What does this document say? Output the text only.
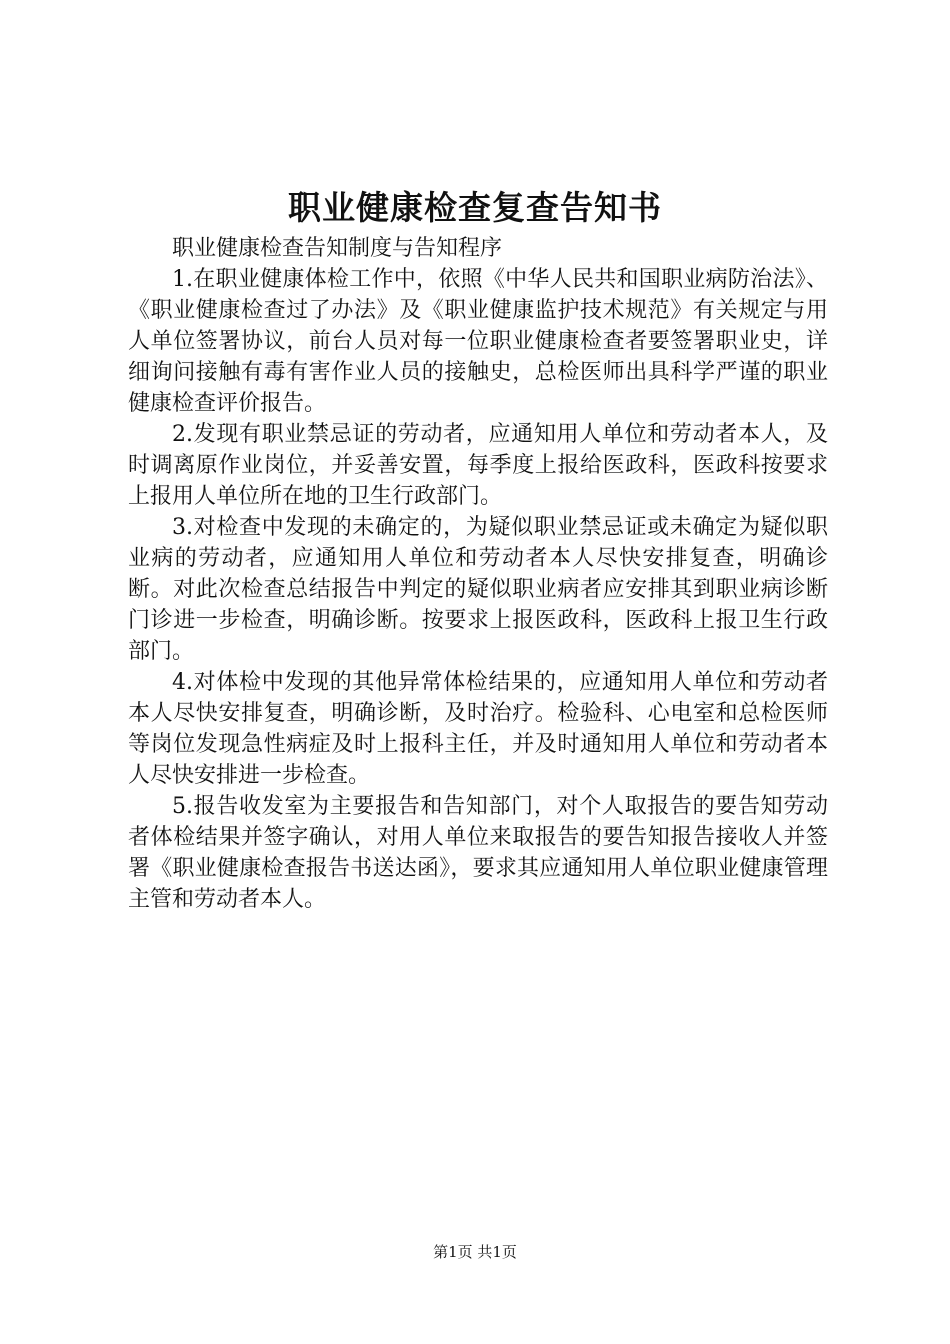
职业健康检查复查告知书

职业健康检查告知制度与告知程序

1.在职业健康体检工作中，依照《中华人民共和国职业病防治法》、《职业健康检查过了办法》及《职业健康监护技术规范》有关规定与用人单位签署协议，前台人员对每一位职业健康检查者要签署职业史，详细询问接触有毒有害作业人员的接触史，总检医师出具科学严谨的职业健康检查评价报告。

2.发现有职业禁忌证的劳动者，应通知用人单位和劳动者本人，及时调离原作业岗位，并妥善安置，每季度上报给医政科，医政科按要求上报用人单位所在地的卫生行政部门。

3.对检查中发现的未确定的，为疑似职业禁忌证或未确定为疑似职业病的劳动者，应通知用人单位和劳动者本人尽快安排复查，明确诊断。对此次检查总结报告中判定的疑似职业病者应安排其到职业病诊断门诊进一步检查，明确诊断。按要求上报医政科，医政科上报卫生行政部门。

4.对体检中发现的其他异常体检结果的，应通知用人单位和劳动者本人尽快安排复查，明确诊断，及时治疗。检验科、心电室和总检医师等岗位发现急性病症及时上报科主任，并及时通知用人单位和劳动者本人尽快安排进一步检查。

5.报告收发室为主要报告和告知部门，对个人取报告的要告知劳动者体检结果并签字确认，对用人单位来取报告的要告知报告接收人并签署《职业健康检查报告书送达函》，要求其应通知用人单位职业健康管理主管和劳动者本人。

第1页 共1页
